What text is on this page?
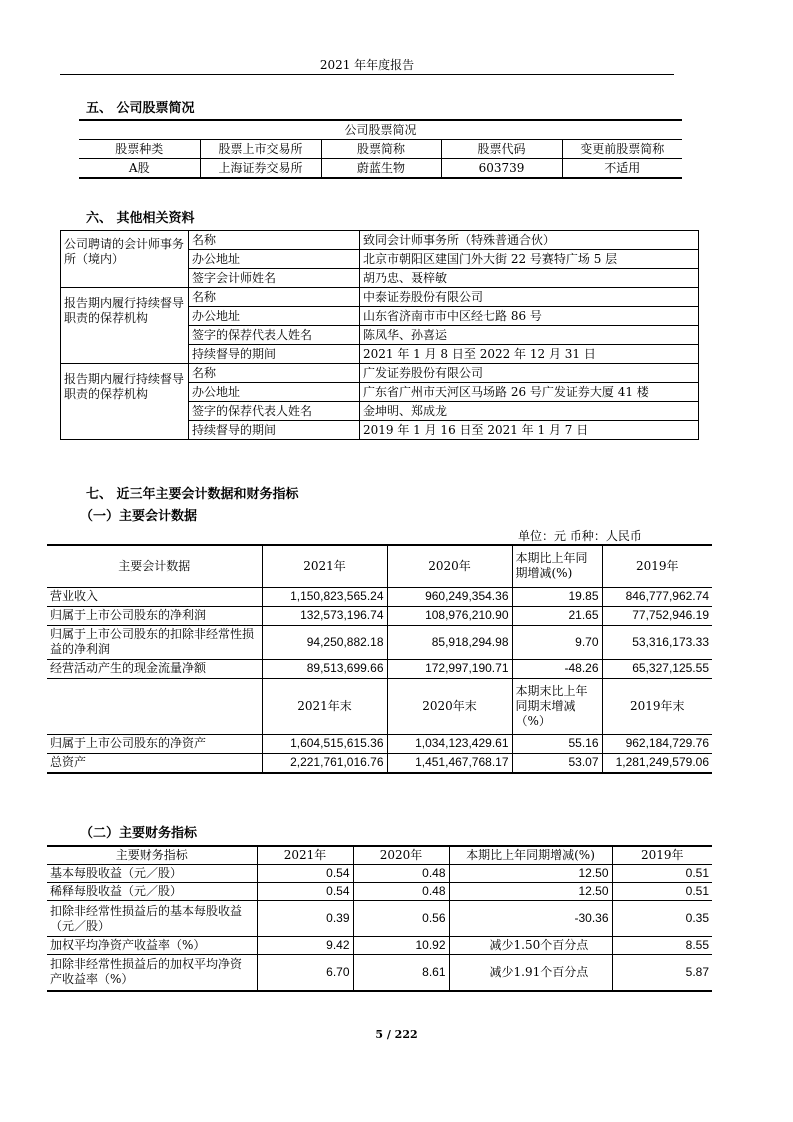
2021 年年度报告
五、 公司股票简况
公司股票简况				
股票种类	股票上市交易所	股票简称	股票代码	变更前股票简称
A股	上海证券交易所	蔚蓝生物	603739	不适用
六、 其他相关资料
公司聘请的会计师事务所（境内）	名称	致同会计师事务所（特殊普通合伙）
	办公地址	北京市朝阳区建国门外大街 22 号赛特广场 5 层
	签字会计师姓名	胡乃忠、聂梓敏
报告期内履行持续督导职责的保荐机构	名称	中泰证券股份有限公司
	办公地址	山东省济南市市中区经七路 86 号
	签字的保荐代表人姓名	陈凤华、孙喜运
	持续督导的期间	2021 年 1 月 8 日至 2022 年 12 月 31 日
报告期内履行持续督导职责的保荐机构	名称	广发证券股份有限公司
	办公地址	广东省广州市天河区马场路 26 号广发证券大厦 41 楼
	签字的保荐代表人姓名	金坤明、郑成龙
	持续督导的期间	2019 年 1 月 16 日至 2021 年 1 月 7 日
七、 近三年主要会计数据和财务指标
（一）主要会计数据
单位：元 币种：人民币
主要会计数据	2021年	2020年	本期比上年同期增减(%)	2019年
营业收入	1,150,823,565.24	960,249,354.36	19.85	846,777,962.74
归属于上市公司股东的净利润	132,573,196.74	108,976,210.90	21.65	77,752,946.19
归属于上市公司股东的扣除非经常性损益的净利润	94,250,882.18	85,918,294.98	9.70	53,316,173.33
经营活动产生的现金流量净额	89,513,699.66	172,997,190.71	-48.26	65,327,125.55
	2021年末	2020年末	本期末比上年同期末增减（%）	2019年末
归属于上市公司股东的净资产	1,604,515,615.36	1,034,123,429.61	55.16	962,184,729.76
总资产	2,221,761,016.76	1,451,467,768.17	53.07	1,281,249,579.06
（二）主要财务指标
主要财务指标	2021年	2020年	本期比上年同期增减(%)	2019年
基本每股收益（元／股）	0.54	0.48	12.50	0.51
稀释每股收益（元／股）	0.54	0.48	12.50	0.51
扣除非经常性损益后的基本每股收益（元／股）	0.39	0.56	-30.36	0.35
加权平均净资产收益率（%）	9.42	10.92	减少1.50个百分点	8.55
扣除非经常性损益后的加权平均净资产收益率（%）	6.70	8.61	减少1.91个百分点	5.87
5 / 222
